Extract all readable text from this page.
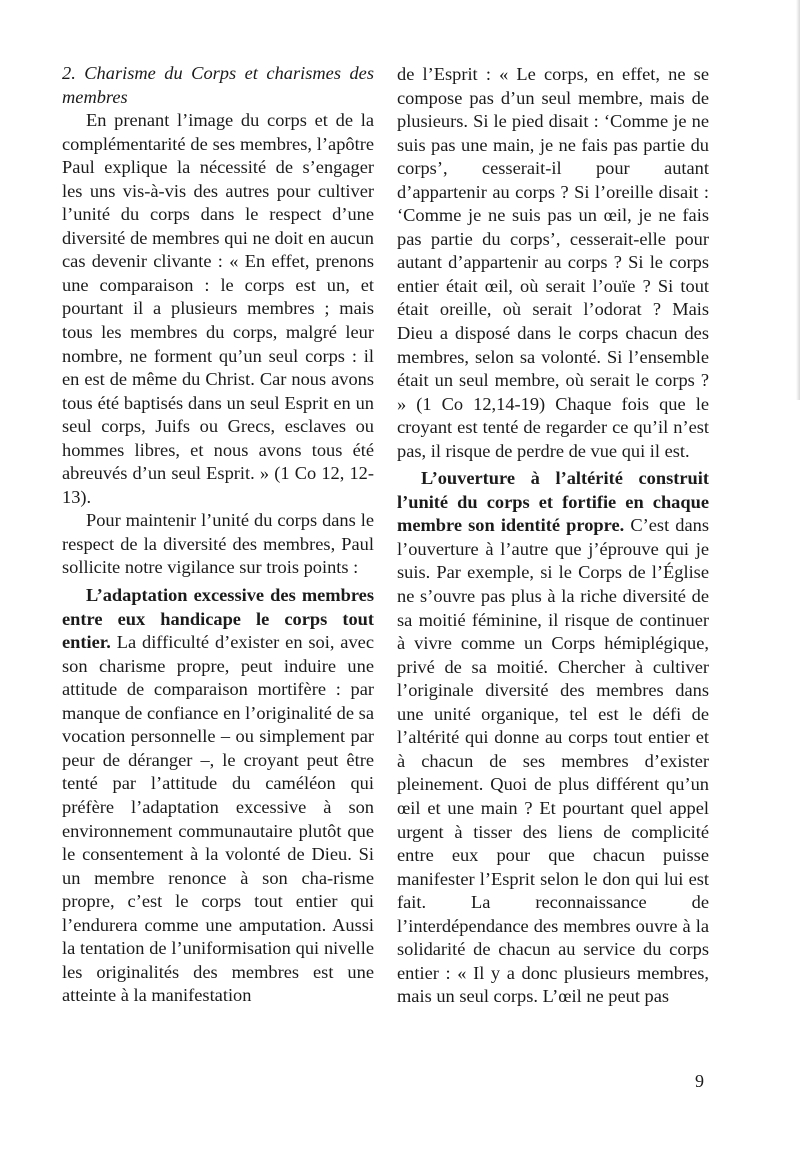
2. Charisme du Corps et charismes des membres

En prenant l’image du corps et de la complémentarité de ses membres, l’apôtre Paul explique la nécessité de s’engager les uns vis-à-vis des autres pour cultiver l’unité du corps dans le respect d’une diversité de membres qui ne doit en aucun cas devenir clivante : « En effet, prenons une comparaison : le corps est un, et pourtant il a plusieurs membres ; mais tous les membres du corps, malgré leur nombre, ne forment qu’un seul corps : il en est de même du Christ. Car nous avons tous été baptisés dans un seul Esprit en un seul corps, Juifs ou Grecs, esclaves ou hommes libres, et nous avons tous été abreuvés d’un seul Esprit. » (1 Co 12, 12-13).

Pour maintenir l’unité du corps dans le respect de la diversité des membres, Paul sollicite notre vigilance sur trois points :

L’adaptation excessive des membres entre eux handicape le corps tout entier. La difficulté d’exister en soi, avec son charisme propre, peut induire une attitude de comparaison mortifère : par manque de confiance en l’originalité de sa vocation personnelle – ou simplement par peur de déranger –, le croyant peut être tenté par l’attitude du caméléon qui préfère l’adaptation excessive à son environnement communautaire plutôt que le consentement à la volonté de Dieu. Si un membre renonce à son cha-risme propre, c’est le corps tout entier qui l’endurera comme une amputation. Aussi la tentation de l’uniformisation qui nivelle les originalités des membres est une atteinte à la manifestation

de l’Esprit : « Le corps, en effet, ne se compose pas d’un seul membre, mais de plusieurs. Si le pied disait : ‘Comme je ne suis pas une main, je ne fais pas partie du corps’, cesserait-il pour autant d’appartenir au corps ? Si l’oreille disait : ‘Comme je ne suis pas un œil, je ne fais pas partie du corps’, cesserait-elle pour autant d’appartenir au corps ? Si le corps entier était œil, où serait l’ouïe ? Si tout était oreille, où serait l’odorat ? Mais Dieu a disposé dans le corps chacun des membres, selon sa volonté. Si l’ensemble était un seul membre, où serait le corps ? » (1 Co 12,14-19) Chaque fois que le croyant est tenté de regarder ce qu’il n’est pas, il risque de perdre de vue qui il est.

L’ouverture à l’altérité construit l’unité du corps et fortifie en chaque membre son identité propre. C’est dans l’ouverture à l’autre que j’éprouve qui je suis. Par exemple, si le Corps de l’Église ne s’ouvre pas plus à la riche diversité de sa moitié féminine, il risque de continuer à vivre comme un Corps hémiplégique, privé de sa moitié. Chercher à cultiver l’originale diversité des membres dans une unité organique, tel est le défi de l’altérité qui donne au corps tout entier et à chacun de ses membres d’exister pleinement. Quoi de plus différent qu’un œil et une main ? Et pourtant quel appel urgent à tisser des liens de complicité entre eux pour que chacun puisse manifester l’Esprit selon le don qui lui est fait. La reconnaissance de l’interdépendance des membres ouvre à la solidarité de chacun au service du corps entier : « Il y a donc plusieurs membres, mais un seul corps. L’œil ne peut pas

9
